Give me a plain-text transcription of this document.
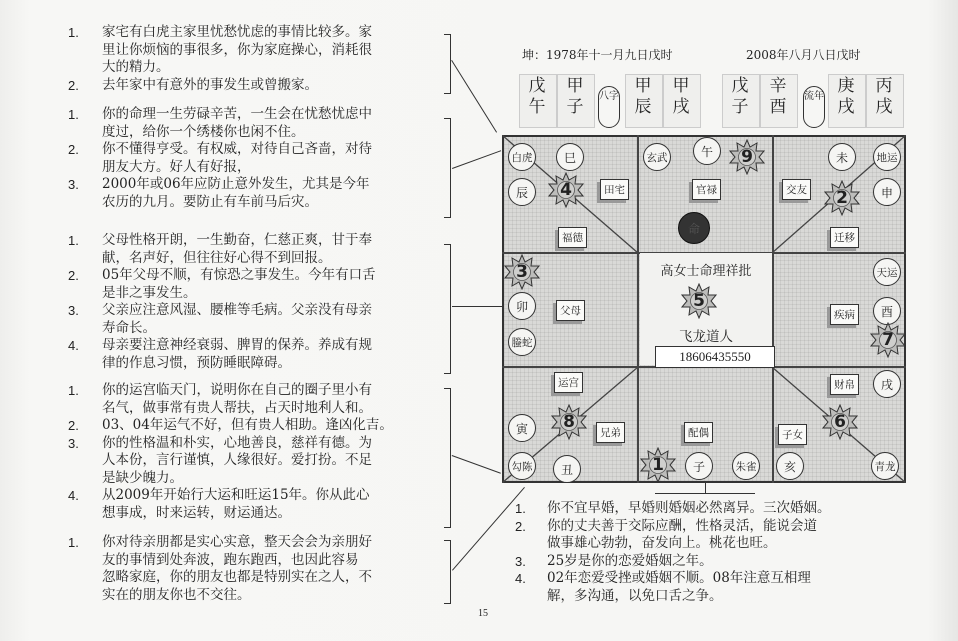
1.	家宅有白虎主家里忧愁忧虑的事情比较多。家
里让你烦恼的事很多，你为家庭操心，消耗很
大的精力。
2.	去年家中有意外的事发生或曾搬家。
1.	你的命理一生劳碌辛苦，一生会在忧愁忧虑中
度过，给你一个绣楼你也闲不住。
2.	你不懂得亨受。有权威，对待自己吝啬，对待
朋友大方。好人有好报，
3.	2000年或06年应防止意外发生，尤其是今年
农历的九月。要防止有车前马后灾。
1.	父母性格开朗，一生勤奋，仁慈正爽，甘于奉
献，名声好，但往往好心得不到回报。
2.	05年父母不顺，有惊恐之事发生。今年有口舌
是非之事发生。
3.	父亲应注意风湿、腰椎等毛病。父亲没有母亲
寿命长。
4.	母亲要注意神经衰弱、脾胃的保养。养成有规
律的作息习惯，预防睡眠障碍。
1.	你的运宫临天门，说明你在自己的圈子里小有
名气，做事常有贵人帮扶，占天时地利人和。
2.	03、04年运气不好，但有贵人相助。逢凶化吉。
3.	你的性格温和朴实，心地善良，慈祥有德。为
人本份，言行谨慎，人缘很好。爱打扮。不足
是缺少魄力。
4.	从2009年开始行大运和旺运15年。你从此心
想事成，时来运转，财运通达。
1.	你对待亲朋都是实心实意，整天会会为亲朋好
友的事情到处奔波，跑东跑西，也因此容易
忽略家庭，你的朋友也都是特别实在之人，不
实在的朋友你也不交往。
坤：1978年十一月九日戊时	2008年八月八日戊时
戊
午
甲
子
八字
甲
辰
甲
戌
戊
子
辛
酉
流年
庚
戌
丙
戌
白虎	巳
辰
玄武	午	未	地运
申
卯
螣蛇
天运
酉
戌
寅
勾陈	丑	子	朱雀	亥	青龙
命
田宅
福德
官禄	交友
迁移
父母	疾病
运宫
兄弟	配偶	子女
财帛
4
9
2
3
5
7
8
1
6
高女士命理祥批
飞龙道人
18606435550
1.	你不宜早婚，早婚则婚姻必然离异。三次婚姻。
2.	你的丈夫善于交际应酬，性格灵活，能说会道
做事雄心勃勃，奋发向上。桃花也旺。
3.	25岁是你的恋爱婚姻之年。
4.	02年恋爱受挫或婚姻不顺。08年注意互相理
解，多沟通，以免口舌之争。
15
